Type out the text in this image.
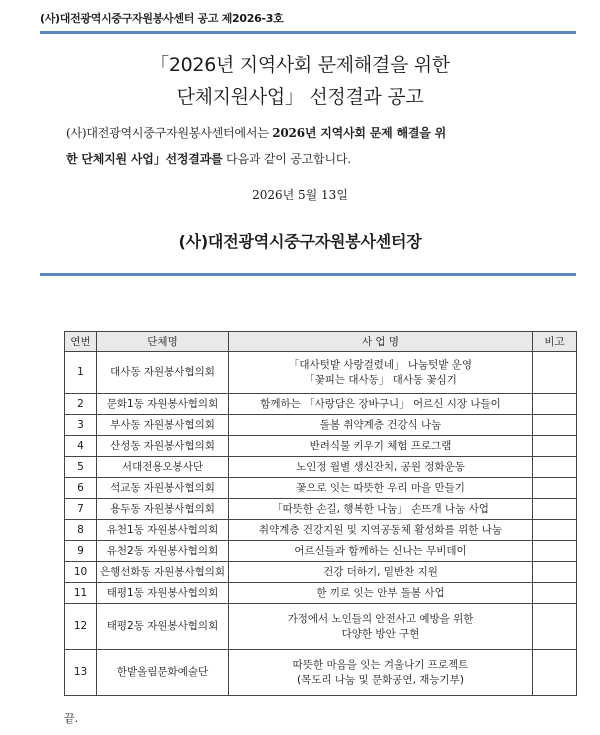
(사)대전광역시중구자원봉사센터 공고 제2026-3호
「2026년 지역사회 문제해결을 위한
단체지원사업」 선정결과 공고
(사)대전광역시중구자원봉사센터에서는 2026년 지역사회 문제 해결을 위
한 단체지원 사업」선정결과를 다음과 같이 공고합니다.
2026년 5월 13일
(사)대전광역시중구자원봉사센터장
연번	단체명	사 업 명	비고
1	대사동 자원봉사협의회	「대사텃밭 사랑걸렸네」 나눔텃밭 운영
「꽃피는 대사동」 대사동 꽃심기	

2	문화1동 자원봉사협의회	함께하는 「사랑담은 장바구니」 어르신 시장 나들이	

3	부사동 자원봉사협의회	돌봄 취약계층 건강식 나눔	

4	산성동 자원봉사협의회	반려식물 키우기 체험 프로그램	

5	서대전용오봉사단	노인정 월별 생신잔치, 공원 정화운동	

6	석교동 자원봉사협의회	꽃으로 잇는 따뜻한 우리 마을 만들기	

7	용두동 자원봉사협의회	「따뜻한 손길, 행복한 나눔」 손뜨개 나눔 사업	

8	유천1동 자원봉사협의회	취약계층 건강지원 및 지역공동체 활성화를 위한 나눔	

9	유천2동 자원봉사협의회	어르신들과 함께하는 신나는 무비데이	

10	은행선화동 자원봉사협의회	건강 더하기, 밑반찬 지원	

11	태평1동 자원봉사협의회	한 끼로 잇는 안부 돌봄 사업	

12	태평2동 자원봉사협의회	가정에서 노인들의 안전사고 예방을 위한
다양한 방안 구현	

13	한밭올림문화예술단	따뜻한 마음을 잇는 겨울나기 프로젝트
(목도리 나눔 및 문화공연, 재능기부)	

끝.
